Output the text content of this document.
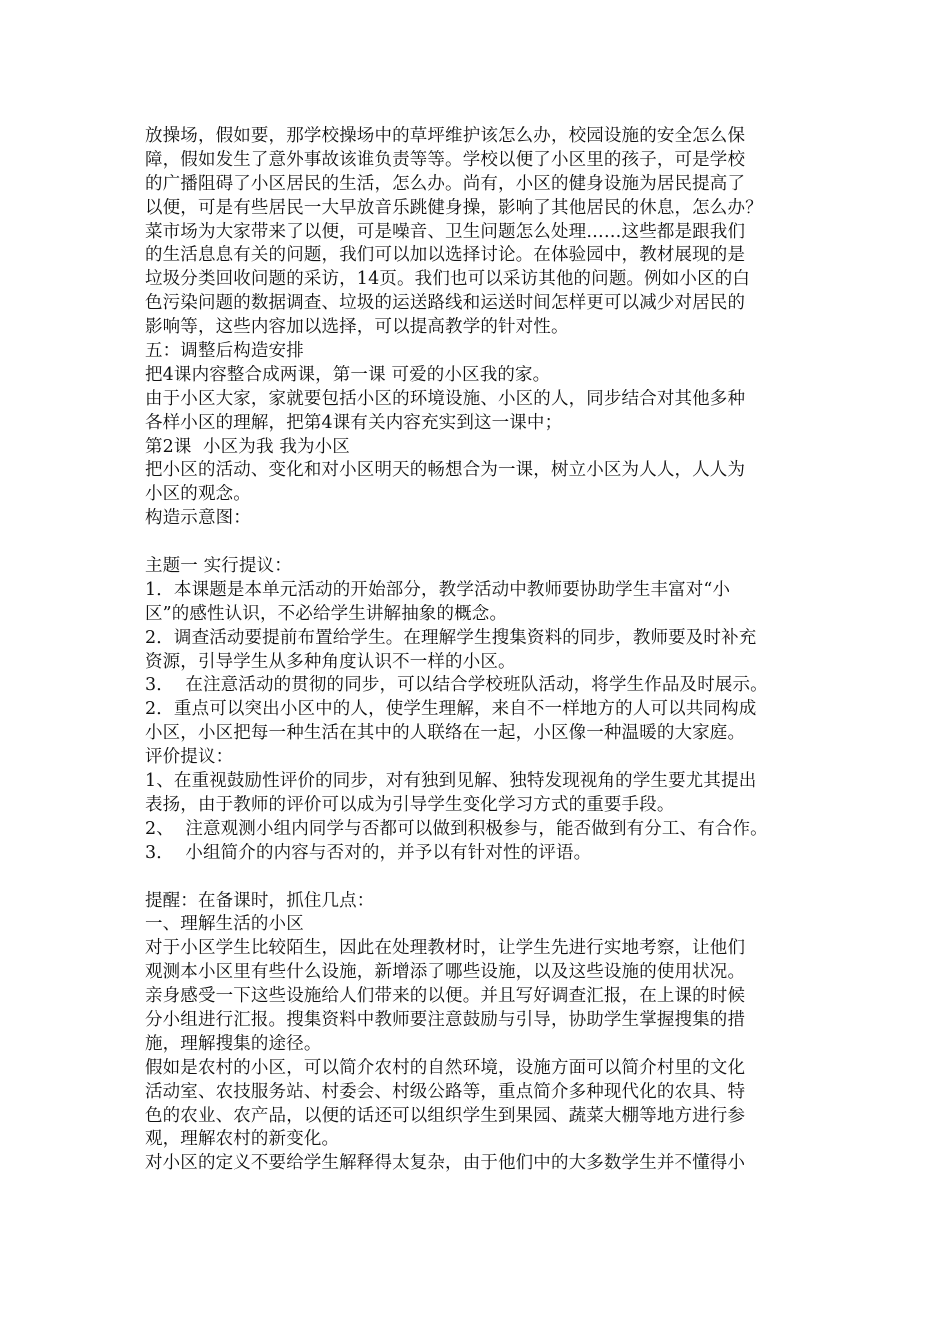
放操场，假如要，那学校操场中的草坪维护该怎么办，校园设施的安全怎么保
障，假如发生了意外事故该谁负责等等。学校以便了小区里的孩子，可是学校
的广播阻碍了小区居民的生活，怎么办。尚有，小区的健身设施为居民提高了
以便，可是有些居民一大早放音乐跳健身操，影响了其他居民的休息，怎么办？
菜市场为大家带来了以便，可是噪音、卫生问题怎么处理……这些都是跟我们
的生活息息有关的问题，我们可以加以选择讨论。在体验园中，教材展现的是
垃圾分类回收问题的采访，14页。我们也可以采访其他的问题。例如小区的白
色污染问题的数据调查、垃圾的运送路线和运送时间怎样更可以减少对居民的
影响等，这些内容加以选择，可以提高教学的针对性。
五：调整后构造安排
把4课内容整合成两课，第一课 可爱的小区我的家。
由于小区大家，家就要包括小区的环境设施、小区的人，同步结合对其他多种
各样小区的理解，把第4课有关内容充实到这一课中；
第2课  小区为我 我为小区
把小区的活动、变化和对小区明天的畅想合为一课，树立小区为人人，人人为
小区的观念。
构造示意图：
主题一 实行提议：
1．本课题是本单元活动的开始部分，教学活动中教师要协助学生丰富对“小
区”的感性认识，不必给学生讲解抽象的概念。
2．调查活动要提前布置给学生。在理解学生搜集资料的同步，教师要及时补充
资源，引导学生从多种角度认识不一样的小区。
3．  在注意活动的贯彻的同步，可以结合学校班队活动，将学生作品及时展示。
2．重点可以突出小区中的人，使学生理解，来自不一样地方的人可以共同构成
小区，小区把每一种生活在其中的人联络在一起，小区像一种温暖的大家庭。
评价提议：
1、在重视鼓励性评价的同步，对有独到见解、独特发现视角的学生要尤其提出
表扬，由于教师的评价可以成为引导学生变化学习方式的重要手段。
2、  注意观测小组内同学与否都可以做到积极参与，能否做到有分工、有合作。
3．  小组简介的内容与否对的，并予以有针对性的评语。
提醒：在备课时，抓住几点：
一、理解生活的小区
对于小区学生比较陌生，因此在处理教材时，让学生先进行实地考察，让他们
观测本小区里有些什么设施，新增添了哪些设施，以及这些设施的使用状况。
亲身感受一下这些设施给人们带来的以便。并且写好调查汇报，在上课的时候
分小组进行汇报。搜集资料中教师要注意鼓励与引导，协助学生掌握搜集的措
施，理解搜集的途径。
假如是农村的小区，可以简介农村的自然环境，设施方面可以简介村里的文化
活动室、农技服务站、村委会、村级公路等，重点简介多种现代化的农具、特
色的农业、农产品，以便的话还可以组织学生到果园、蔬菜大棚等地方进行参
观，理解农村的新变化。
对小区的定义不要给学生解释得太复杂，由于他们中的大多数学生并不懂得小
